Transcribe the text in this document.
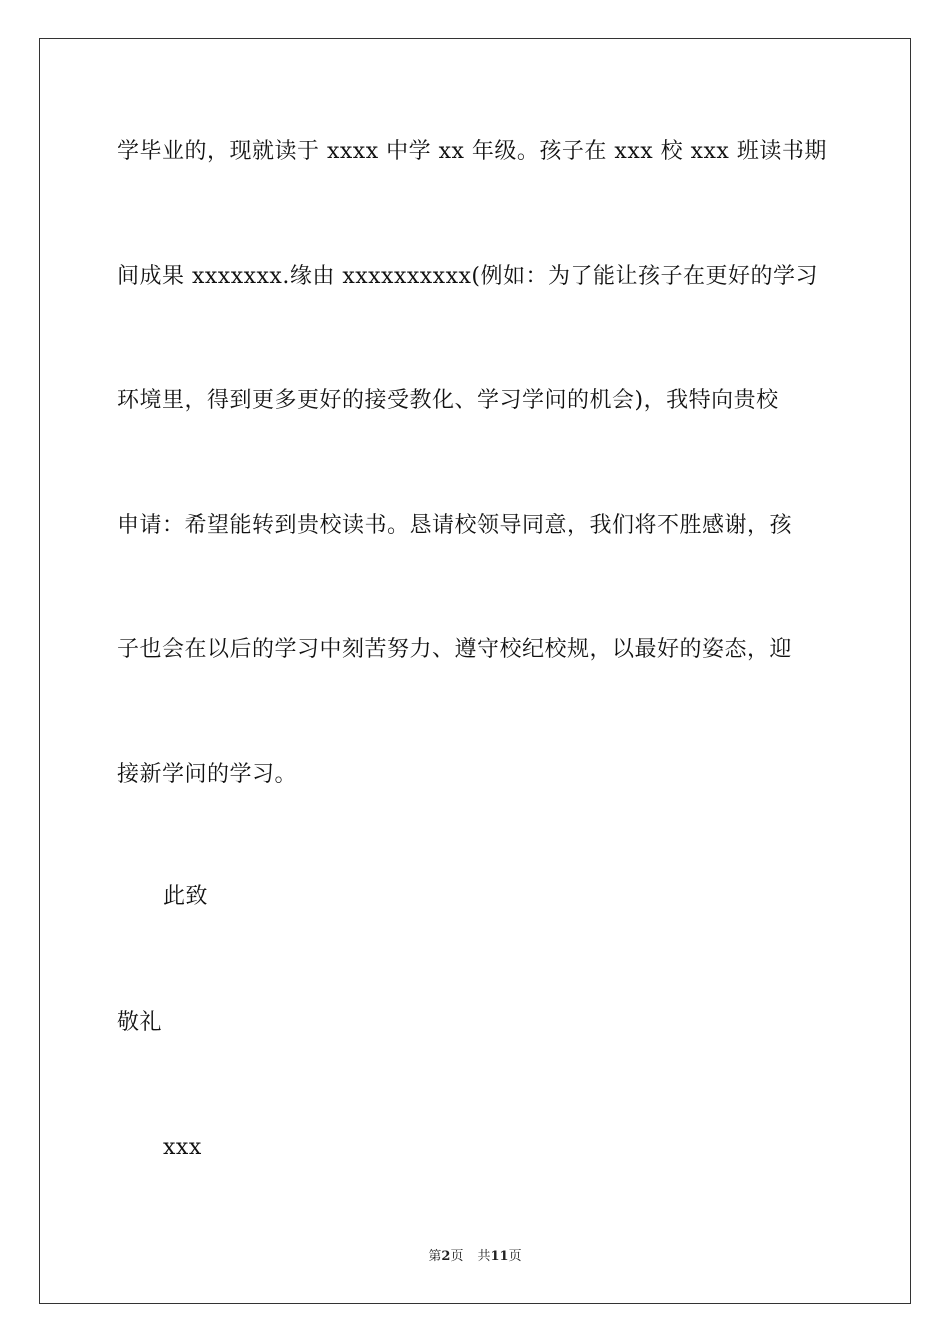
学毕业的，现就读于 xxxx 中学 xx 年级。孩子在 xxx 校 xxx 班读书期
间成果 xxxxxxx.缘由 xxxxxxxxxx(例如：为了能让孩子在更好的学习
环境里，得到更多更好的接受教化、学习学问的机会)，我特向贵校
申请：希望能转到贵校读书。恳请校领导同意，我们将不胜感谢，孩
子也会在以后的学习中刻苦努力、遵守校纪校规，以最好的姿态，迎
接新学问的学习。
此致
敬礼
xxx
第2页 共11页
